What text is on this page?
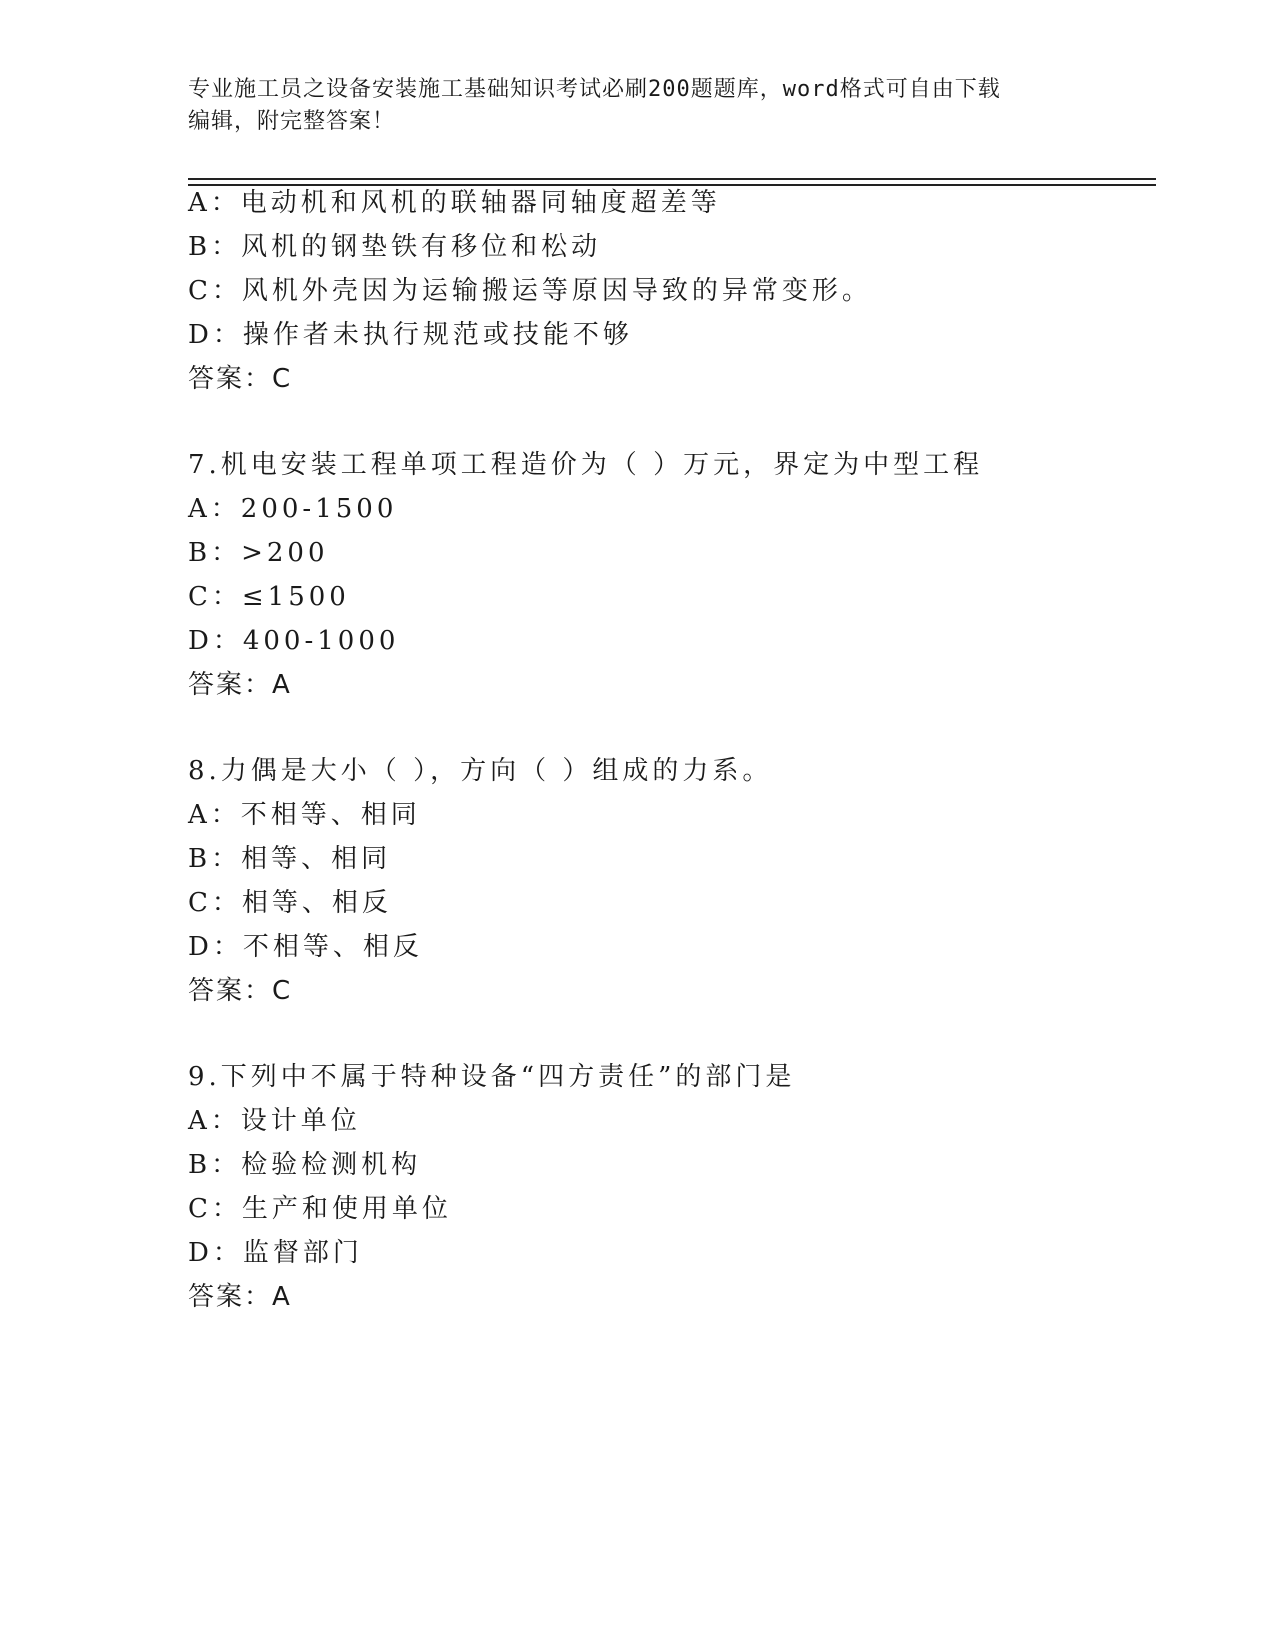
专业施工员之设备安装施工基础知识考试必刷200题题库，word格式可自由下载
编辑，附完整答案！
A：电动机和风机的联轴器同轴度超差等
B：风机的钢垫铁有移位和松动
C：风机外壳因为运输搬运等原因导致的异常变形。
D：操作者未执行规范或技能不够
答案：C
7.机电安装工程单项工程造价为（ ）万元，界定为中型工程
A：200-1500
B：>200
C：≤1500
D：400-1000
答案：A
8.力偶是大小（ ），方向（ ）组成的力系。
A：不相等、相同
B：相等、相同
C：相等、相反
D：不相等、相反
答案：C
9.下列中不属于特种设备“四方责任”的部门是
A：设计单位
B：检验检测机构
C：生产和使用单位
D：监督部门
答案：A
